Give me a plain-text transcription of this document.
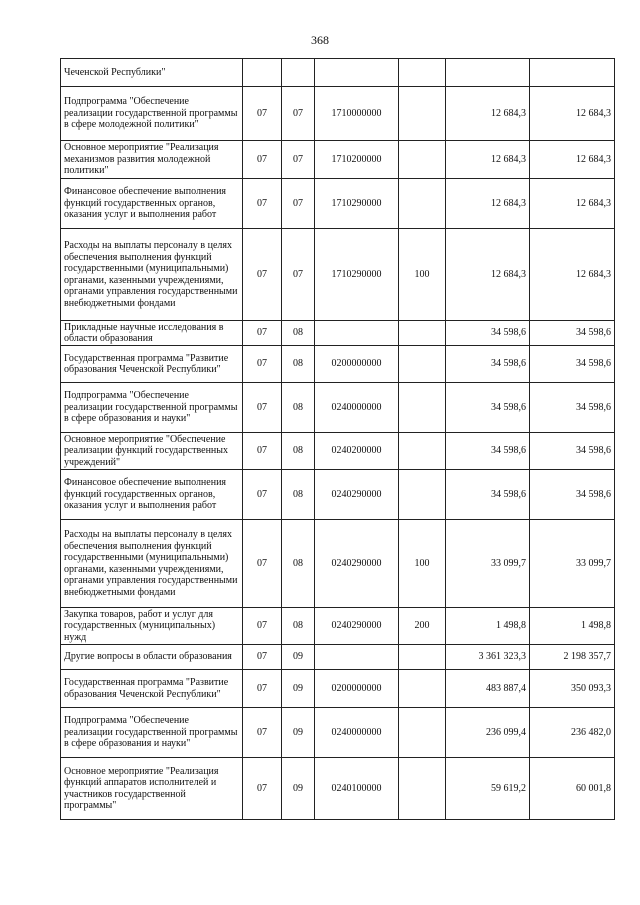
368
Чеченской Республики"						
Подпрограмма "Обеспечение реализации государственной программы в сфере молодежной политики"	07	07	1710000000		12 684,3	12 684,3
Основное мероприятие "Реализация механизмов развития молодежной политики"	07	07	1710200000		12 684,3	12 684,3
Финансовое обеспечение выполнения функций государственных органов, оказания услуг и выполнения работ	07	07	1710290000		12 684,3	12 684,3
Расходы на выплаты персоналу в целях обеспечения выполнения функций государственными (муниципальными) органами, казенными учреждениями, органами управления государственными внебюджетными фондами	07	07	1710290000	100	12 684,3	12 684,3
Прикладные научные исследования в области образования	07	08			34 598,6	34 598,6
Государственная программа "Развитие образования Чеченской Республики"	07	08	0200000000		34 598,6	34 598,6
Подпрограмма "Обеспечение реализации государственной программы в сфере образования и науки"	07	08	0240000000		34 598,6	34 598,6
Основное мероприятие "Обеспечение реализации функций государственных учреждений"	07	08	0240200000		34 598,6	34 598,6
Финансовое обеспечение выполнения функций государственных органов, оказания услуг и выполнения работ	07	08	0240290000		34 598,6	34 598,6
Расходы на выплаты персоналу в целях обеспечения выполнения функций государственными (муниципальными) органами, казенными учреждениями, органами управления государственными внебюджетными фондами	07	08	0240290000	100	33 099,7	33 099,7
Закупка товаров, работ и услуг для государственных (муниципальных) нужд	07	08	0240290000	200	1 498,8	1 498,8
Другие вопросы в области образования	07	09			3 361 323,3	2 198 357,7
Государственная программа "Развитие образования Чеченской Республики"	07	09	0200000000		483 887,4	350 093,3
Подпрограмма "Обеспечение реализации государственной программы в сфере образования и науки"	07	09	0240000000		236 099,4	236 482,0
Основное мероприятие "Реализация функций аппаратов исполнителей и участников государственной программы"	07	09	0240100000		59 619,2	60 001,8
